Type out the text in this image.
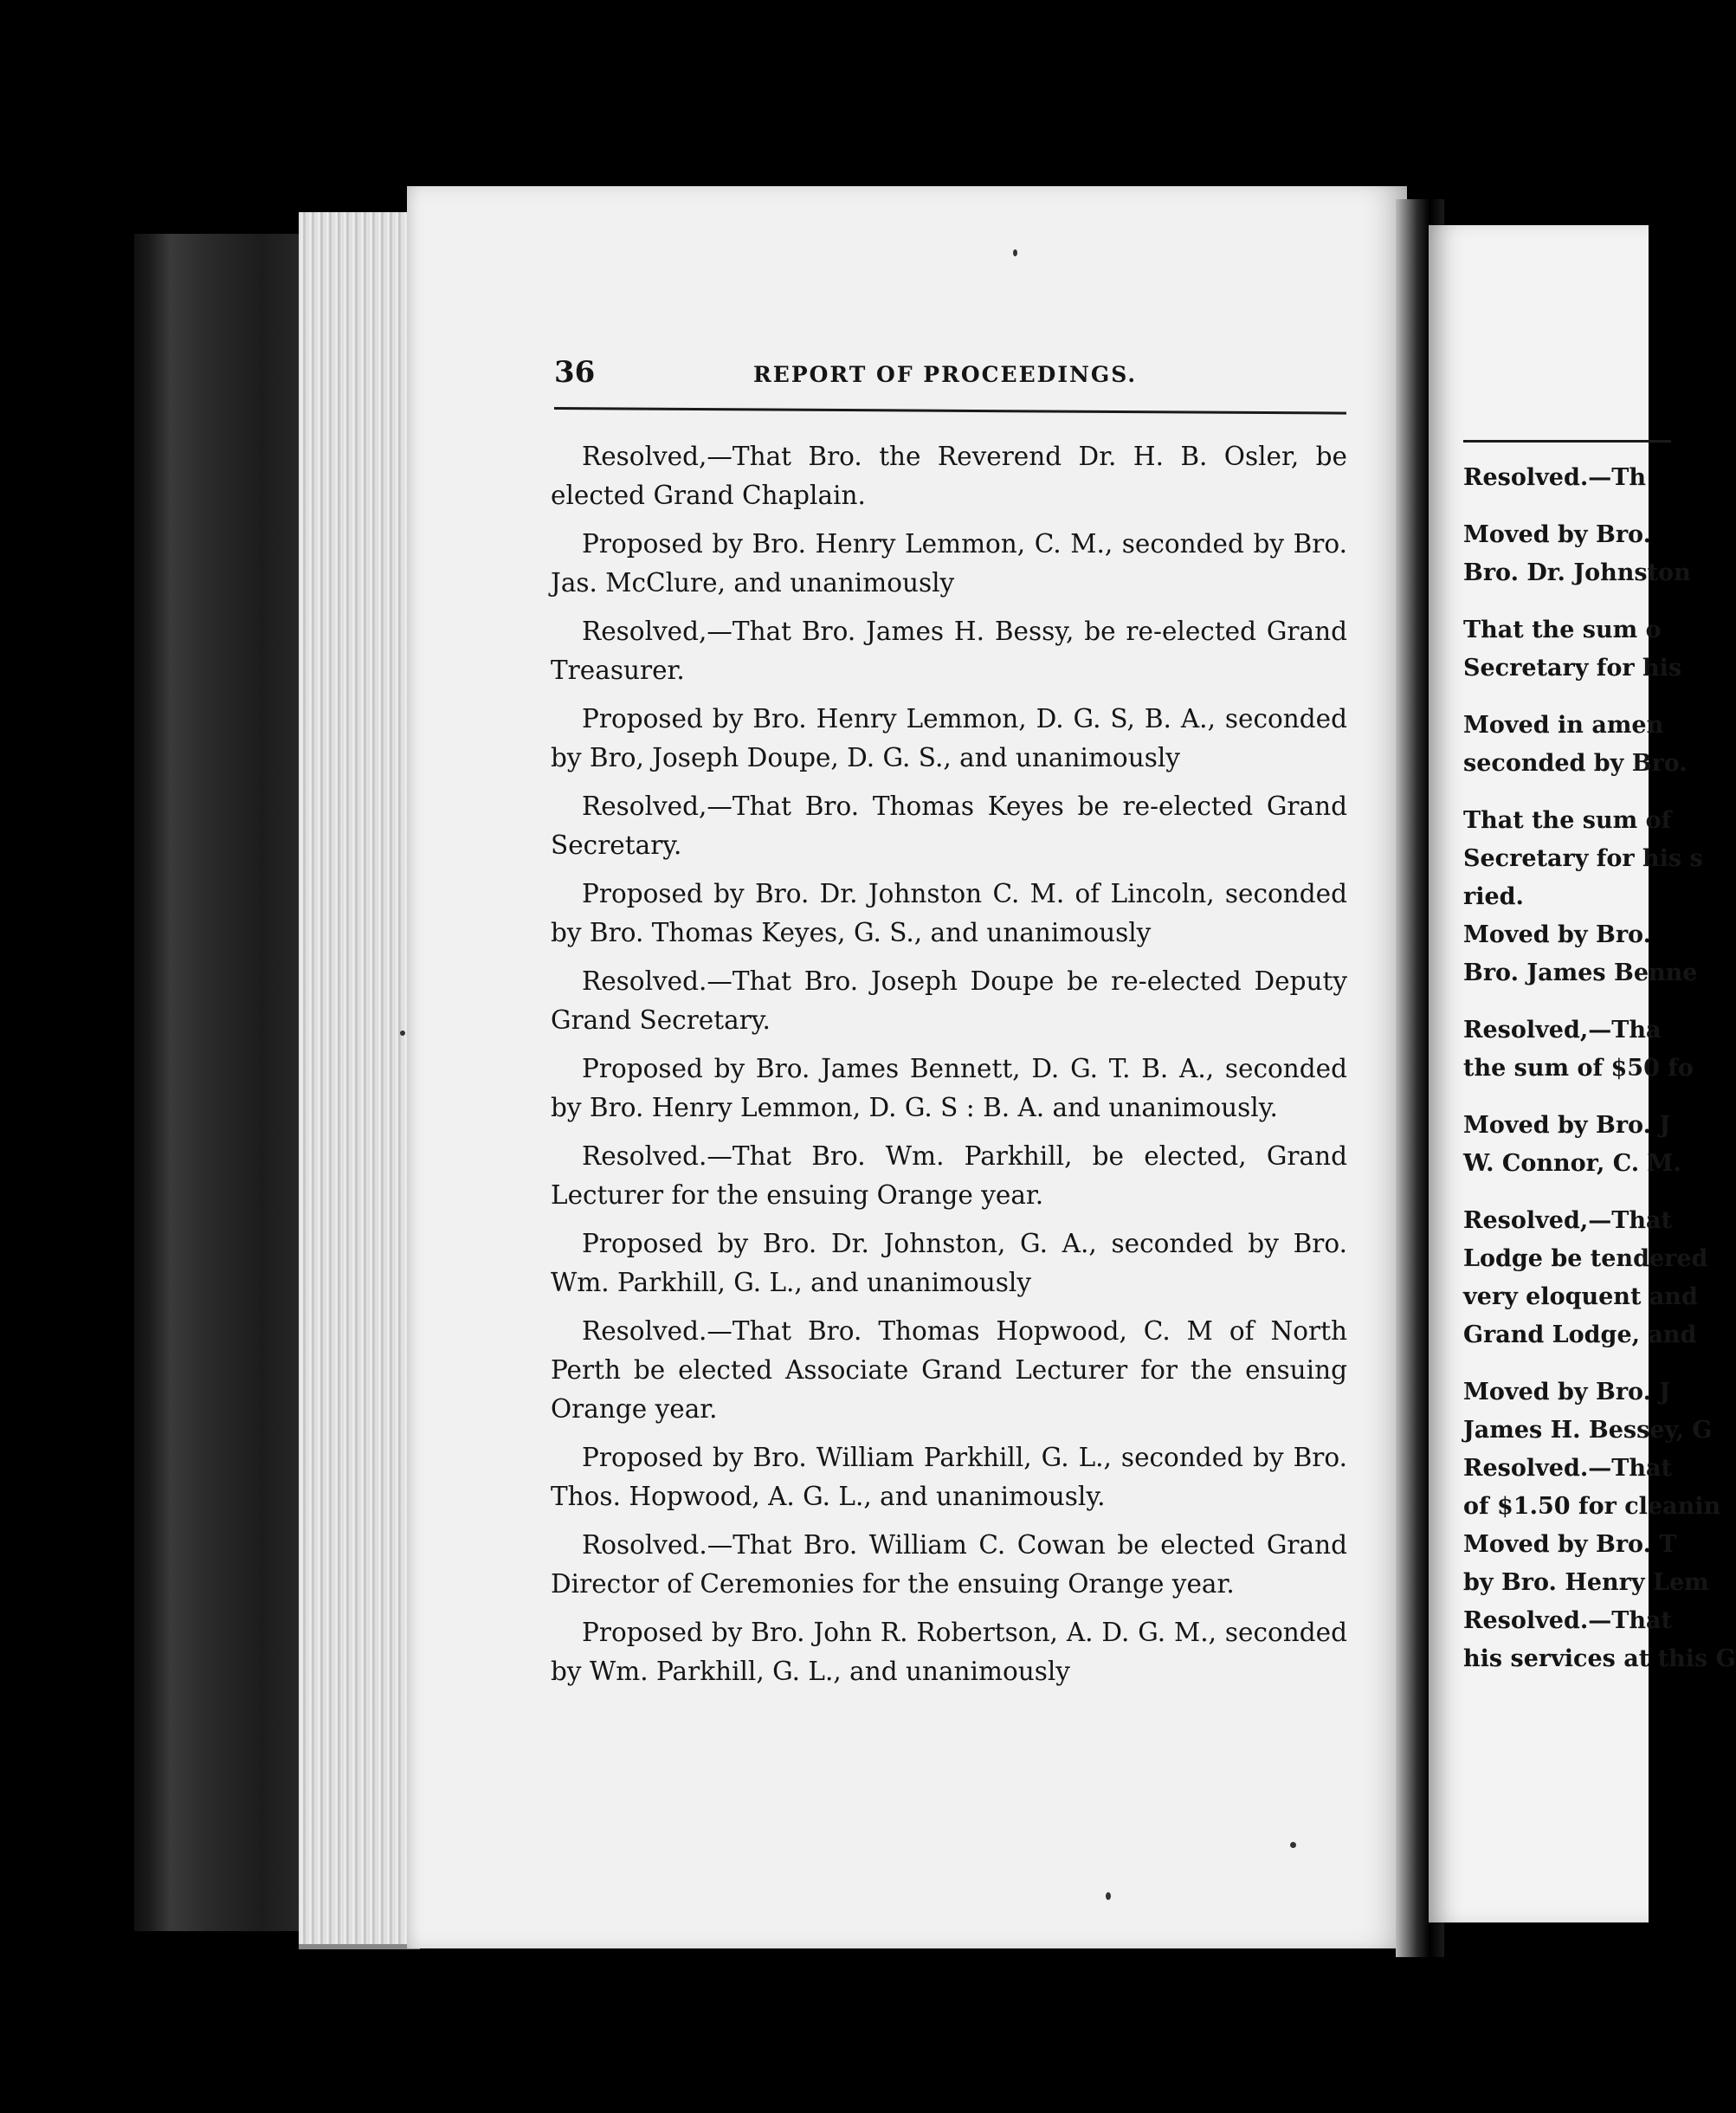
36	REPORT OF PROCEEDINGS.

Resolved,—That Bro. the Reverend Dr. H. B. Osler, be elected Grand Chaplain.

Proposed by Bro. Henry Lemmon, C. M., seconded by Bro. Jas. McClure, and unanimously

Resolved,—That Bro. James H. Bessy, be re-elected Grand Treasurer.

Proposed by Bro. Henry Lemmon, D. G. S, B. A., seconded by Bro, Joseph Doupe, D. G. S., and unanimously

Resolved,—That Bro. Thomas Keyes be re-elected Grand Secretary.

Proposed by Bro. Dr. Johnston C. M. of Lincoln, seconded by Bro. Thomas Keyes, G. S., and unanimously

Resolved.—That Bro. Joseph Doupe be re-elected Deputy Grand Secretary.

Proposed by Bro. James Bennett, D. G. T. B. A., seconded by Bro. Henry Lemmon, D. G. S : B. A. and unanimously.

Resolved.—That Bro. Wm. Parkhill, be elected, Grand Lecturer for the ensuing Orange year.

Proposed by Bro. Dr. Johnston, G. A., seconded by Bro. Wm. Parkhill, G. L., and unanimously

Resolved.—That Bro. Thomas Hopwood, C. M of North Perth be elected Associate Grand Lecturer for the ensuing Orange year.

Proposed by Bro. William Parkhill, G. L., seconded by Bro. Thos. Hopwood, A. G. L., and unanimously.

Rosolved.—That Bro. William C. Cowan be elected Grand Director of Ceremonies for the ensuing Orange year.

Proposed by Bro. John R. Robertson, A. D. G. M., seconded by Wm. Parkhill, G. L., and unanimously

Resolved.—Th

Moved by Bro.

Bro. Dr. Johnston

That the sum o

Secretary for his

Moved in amen

seconded by Bro.

That the sum of

Secretary for his s

ried.

Moved by Bro.

Bro. James Benne

Resolved,—Tha

the sum of $50 fo

Moved by Bro. J

W. Connor, C. M.

Resolved,—That

Lodge be tendered

very eloquent and

Grand Lodge, and

Moved by Bro. J

James H. Bessey, G

Resolved.—That

of $1.50 for cleanin

Moved by Bro. T

by Bro. Henry Lem

Resolved.—That

his services at this G
